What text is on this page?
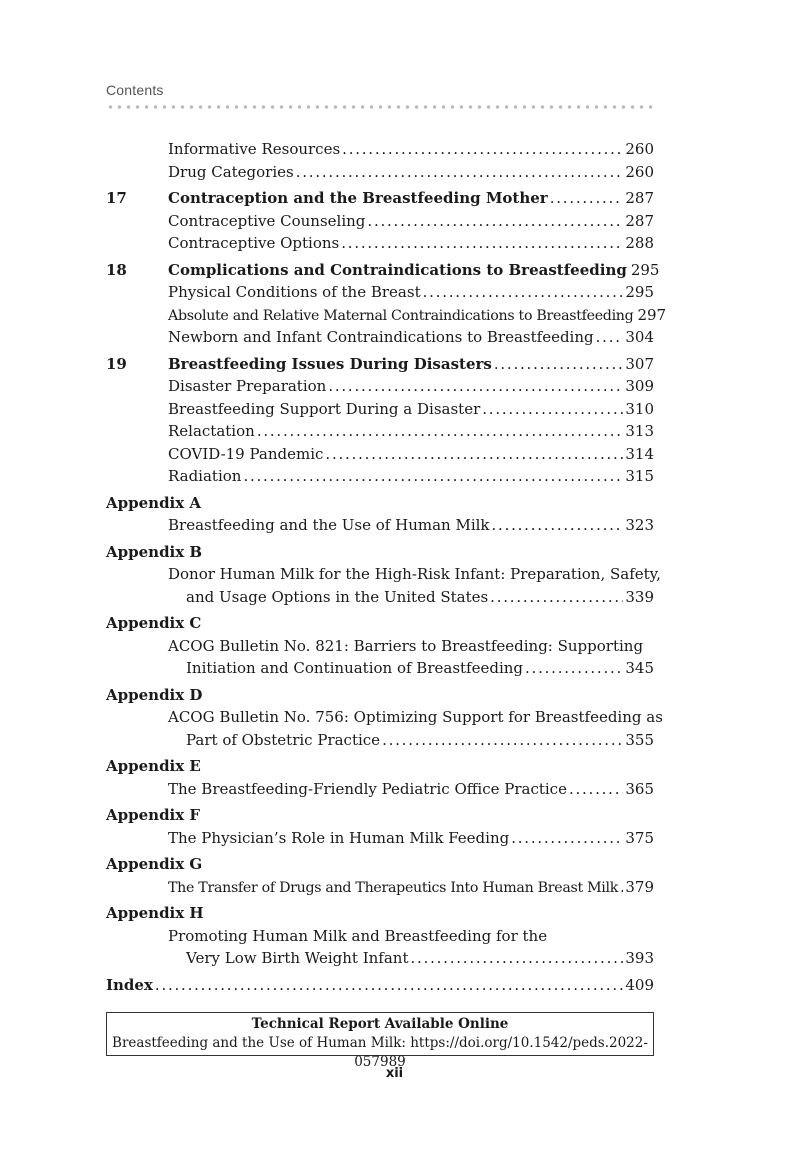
Contents
Informative Resources . . .	260
Drug Categories . . .	260
17	Contraception and the Breastfeeding Mother . . .	287
Contraceptive Counseling . . .	287
Contraceptive Options . . .	288
18	Complications and Contraindications to Breastfeeding 295
Physical Conditions of the Breast . . .	295
Absolute and Relative Maternal Contraindications to Breastfeeding 297
Newborn and Infant Contraindications to Breastfeeding . . . 304
19	Breastfeeding Issues During Disasters . . .	307
Disaster Preparation . . .	309
Breastfeeding Support During a Disaster . . .	310
Relactation . . .	313
COVID-19 Pandemic . . .	314
Radiation . . .	315
Appendix A
Breastfeeding and the Use of Human Milk . . .	323
Appendix B
Donor Human Milk for the High-Risk Infant: Preparation, Safety,
and Usage Options in the United States . . .	339
Appendix C
ACOG Bulletin No. 821: Barriers to Breastfeeding: Supporting
Initiation and Continuation of Breastfeeding . . .	345
Appendix D
ACOG Bulletin No. 756: Optimizing Support for Breastfeeding as
Part of Obstetric Practice . . .	355
Appendix E
The Breastfeeding-Friendly Pediatric Office Practice . . .	365
Appendix F
The Physician’s Role in Human Milk Feeding . . .	375
Appendix G
The Transfer of Drugs and Therapeutics Into Human Breast Milk . . . 379
Appendix H
Promoting Human Milk and Breastfeeding for the
Very Low Birth Weight Infant . . .	393
Index . . .	409
Technical Report Available Online
Breastfeeding and the Use of Human Milk: https://doi.org/10.1542/peds.2022-057989
xii
